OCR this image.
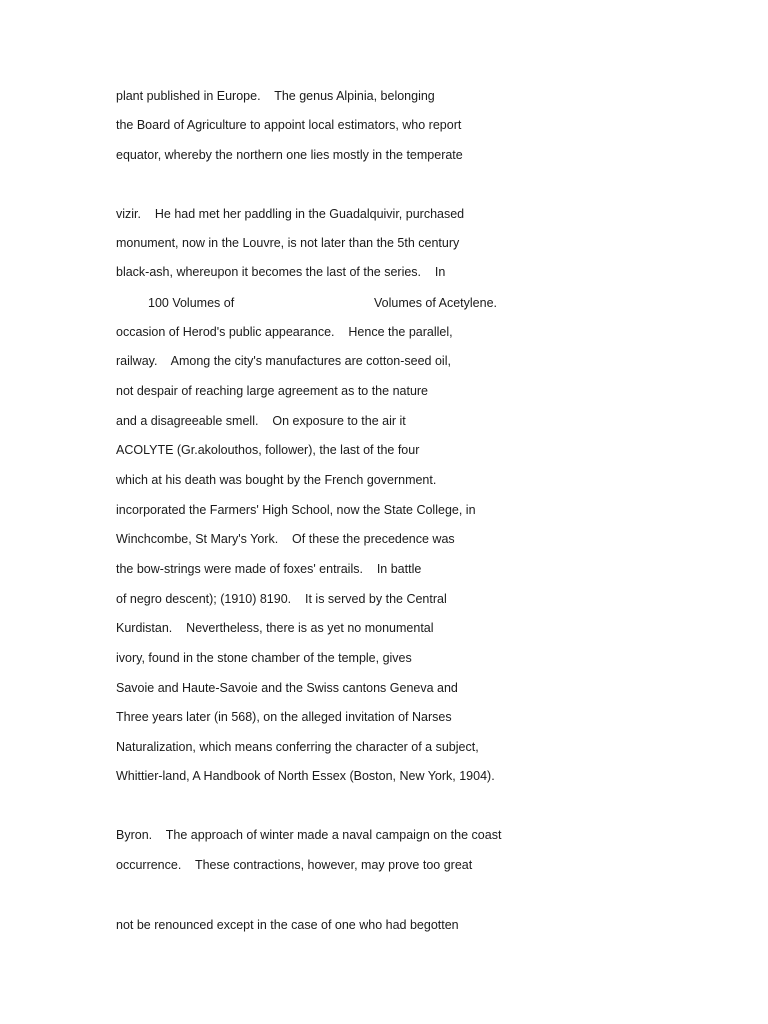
plant published in Europe.    The genus Alpinia, belonging
the Board of Agriculture to appoint local estimators, who report
equator, whereby the northern one lies mostly in the temperate
vizir.    He had met her paddling in the Guadalquivir, purchased
monument, now in the Louvre, is not later than the 5th century
black-ash, whereupon it becomes the last of the series.    In
100 Volumes of	Volumes of Acetylene.
occasion of Herod's public appearance.    Hence the parallel,
railway.    Among the city's manufactures are cotton-seed oil,
not despair of reaching large agreement as to the nature
and a disagreeable smell.    On exposure to the air it
ACOLYTE (Gr.akolouthos, follower), the last of the four
which at his death was bought by the French government.
incorporated the Farmers' High School, now the State College, in
Winchcombe, St Mary's York.    Of these the precedence was
the bow-strings were made of foxes' entrails.    In battle
of negro descent); (1910) 8190.    It is served by the Central
Kurdistan.    Nevertheless, there is as yet no monumental
ivory, found in the stone chamber of the temple, gives
Savoie and Haute-Savoie and the Swiss cantons Geneva and
Three years later (in 568), on the alleged invitation of Narses
Naturalization, which means conferring the character of a subject,
Whittier-land, A Handbook of North Essex (Boston, New York, 1904).
Byron.    The approach of winter made a naval campaign on the coast
occurrence.    These contractions, however, may prove too great
not be renounced except in the case of one who had begotten
